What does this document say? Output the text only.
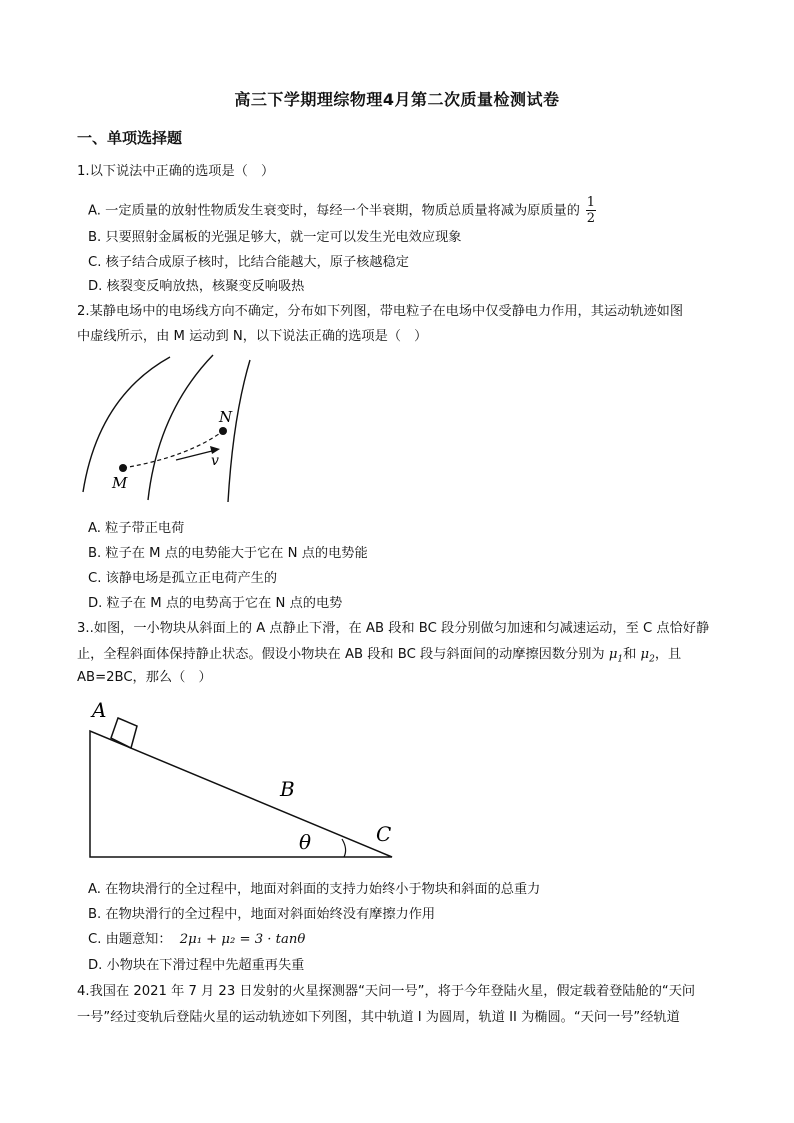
高三下学期理综物理4月第二次质量检测试卷
一、单项选择题
1.以下说法中正确的选项是（　）
A. 一定质量的放射性物质发生衰变时，每经一个半衰期，物质总质量将减为原质量的 $\frac{1}{2}$
B. 只要照射金属板的光强足够大，就一定可以发生光电效应现象
C. 核子结合成原子核时，比结合能越大，原子核越稳定
D. 核裂变反响放热，核聚变反响吸热
2.某静电场中的电场线方向不确定，分布如下列图，带电粒子在电场中仅受静电力作用，其运动轨迹如图
中虚线所示，由 M 运动到 N，以下说法正确的选项是（　）
M
N
v
A. 粒子带正电荷
B. 粒子在 M 点的电势能大于它在 N 点的电势能
C. 该静电场是孤立正电荷产生的
D. 粒子在 M 点的电势高于它在 N 点的电势
3..如图，一小物块从斜面上的 A 点静止下滑，在 AB 段和 BC 段分别做匀加速和匀减速运动，至 C 点恰好静
止，全程斜面体保持静止状态。假设小物块在 AB 段和 BC 段与斜面间的动摩擦因数分别为 $\mu_1$和 $\mu_2$，且
AB=2BC，那么（　）
A
B
C
θ
A. 在物块滑行的全过程中，地面对斜面的支持力始终小于物块和斜面的总重力
B. 在物块滑行的全过程中，地面对斜面始终没有摩擦力作用
C. 由题意知： 2μ₁ + μ₂ = 3 · tanθ
D. 小物块在下滑过程中先超重再失重
4.我国在 2021 年 7 月 23 日发射的火星探测器“天问一号”，将于今年登陆火星，假定载着登陆舱的“天问
一号”经过变轨后登陆火星的运动轨迹如下列图，其中轨道 I 为圆周，轨道 II 为椭圆。“天问一号”经轨道
